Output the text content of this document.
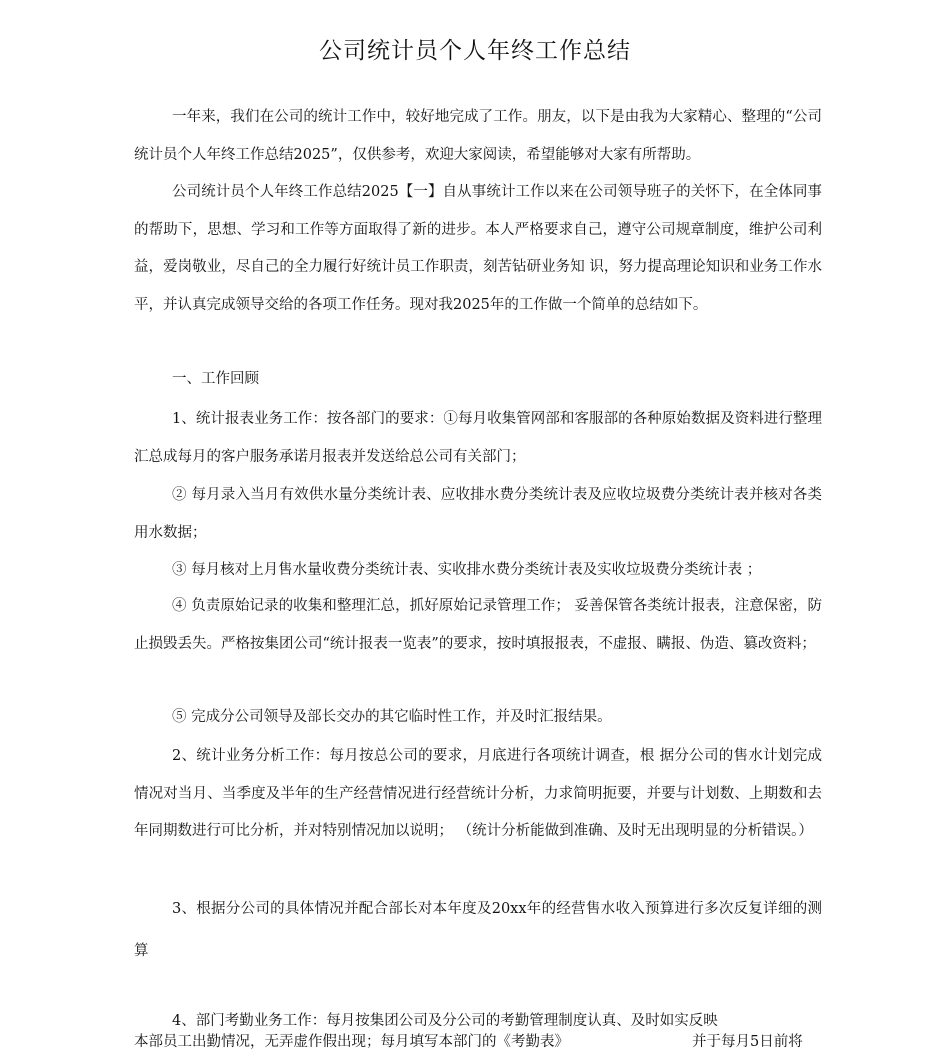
公司统计员个人年终工作总结

一年来，我们在公司的统计工作中，较好地完成了工作。朋友，以下是由我为大家精心、整理的“公司统计员个人年终工作总结2025”，仅供参考，欢迎大家阅读，希望能够对大家有所帮助。

公司统计员个人年终工作总结2025【一】自从事统计工作以来在公司领导班子的关怀下，在全体同事的帮助下，思想、学习和工作等方面取得了新的进步。本人严格要求自己，遵守公司规章制度，维护公司利益，爱岗敬业，尽自己的全力履行好统计员工作职责，刻苦钻研业务知 识，努力提高理论知识和业务工作水平，并认真完成领导交给的各项工作任务。现对我2025年的工作做一个简单的总结如下。

一、工作回顾

1、统计报表业务工作：按各部门的要求：①每月收集管网部和客服部的各种原始数据及资料进行整理汇总成每月的客户服务承诺月报表并发送给总公司有关部门；

② 每月录入当月有效供水量分类统计表、应收排水费分类统计表及应收垃圾费分类统计表并核对各类用水数据；

③ 每月核对上月售水量收费分类统计表、实收排水费分类统计表及实收垃圾费分类统计表 ；

④ 负责原始记录的收集和整理汇总，抓好原始记录管理工作； 妥善保管各类统计报表，注意保密，防止损毁丢失。严格按集团公司“统计报表一览表”的要求，按时填报报表，不虚报、瞒报、伪造、篡改资料；

⑤ 完成分公司领导及部长交办的其它临时性工作，并及时汇报结果。

2、统计业务分析工作：每月按总公司的要求，月底进行各项统计调查，根 据分公司的售水计划完成情况对当月、当季度及半年的生产经营情况进行经营统计分析，力求简明扼要，并要与计划数、上期数和去年同期数进行可比分析，并对特别情况加以说明； （统计分析能做到准确、及时无出现明显的分析错误。）

3、根据分公司的具体情况并配合部长对本年度及20xx年的经营售水收入预算进行多次反复详细的测算

4、部门考勤业务工作：每月按集团公司及分公司的考勤管理制度认真、及时如实反映

本部员工出勤情况，无弄虚作假出现；每月填写本部门的《考勤表》	并于每月5日前将
